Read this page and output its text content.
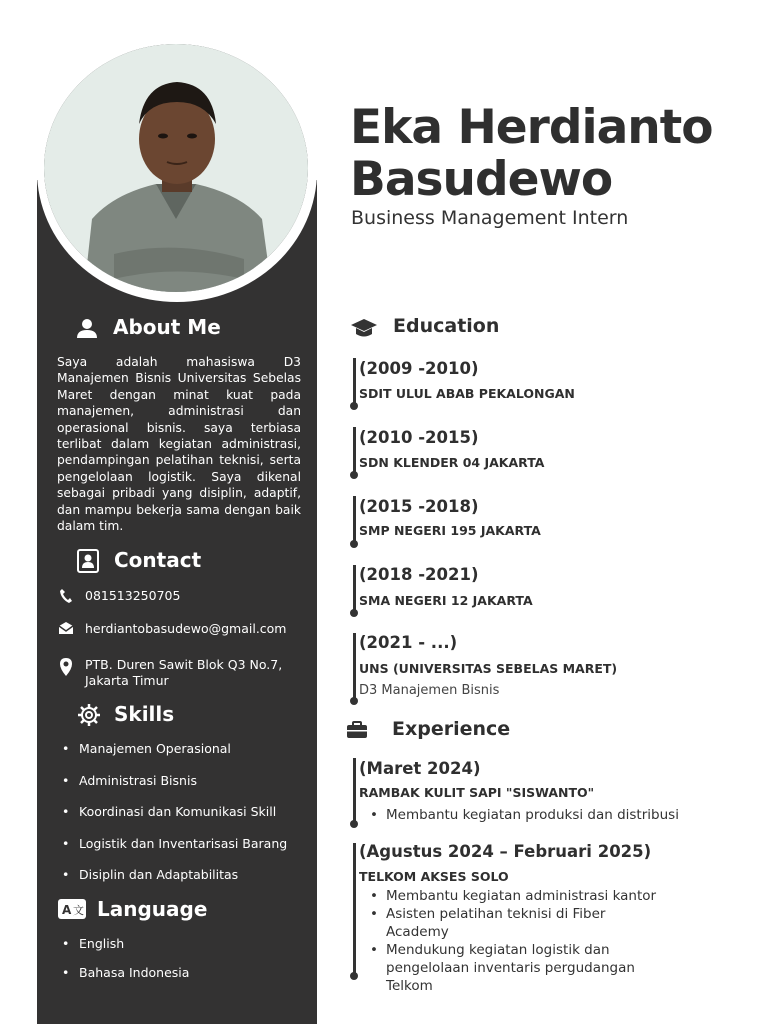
About Me
Saya adalah mahasiswa D3 Manajemen Bisnis Universitas Sebelas Maret dengan minat kuat pada manajemen, administrasi dan operasional bisnis. saya terbiasa terlibat dalam kegiatan administrasi, pendampingan pelatihan teknisi, serta pengelolaan logistik. Saya dikenal sebagai pribadi yang disiplin, adaptif, dan mampu bekerja sama dengan baik dalam tim.
Contact
081513250705
herdiantobasudewo@gmail.com
PTB. Duren Sawit Blok Q3 No.7, Jakarta Timur
Skills
• Manajemen Operasional
• Administrasi Bisnis
• Koordinasi dan Komunikasi Skill
• Logistik dan Inventarisasi Barang
• Disiplin dan Adaptabilitas
A 文 Language
• English
• Bahasa Indonesia
Eka Herdianto
Basudewo
Business Management Intern
Education
(2009 -2010)
SDIT ULUL ABAB PEKALONGAN
(2010 -2015)
SDN KLENDER 04 JAKARTA
(2015 -2018)
SMP NEGERI 195 JAKARTA
(2018 -2021)
SMA NEGERI 12 JAKARTA
(2021 - ...)
UNS (UNIVERSITAS SEBELAS MARET)
D3 Manajemen Bisnis
Experience
(Maret 2024)
RAMBAK KULIT SAPI "SISWANTO"
• Membantu kegiatan produksi dan distribusi
(Agustus 2024 – Februari 2025)
TELKOM AKSES SOLO
• Membantu kegiatan administrasi kantor
• Asisten pelatihan teknisi di Fiber Academy
• Mendukung kegiatan logistik dan pengelolaan inventaris pergudangan Telkom
